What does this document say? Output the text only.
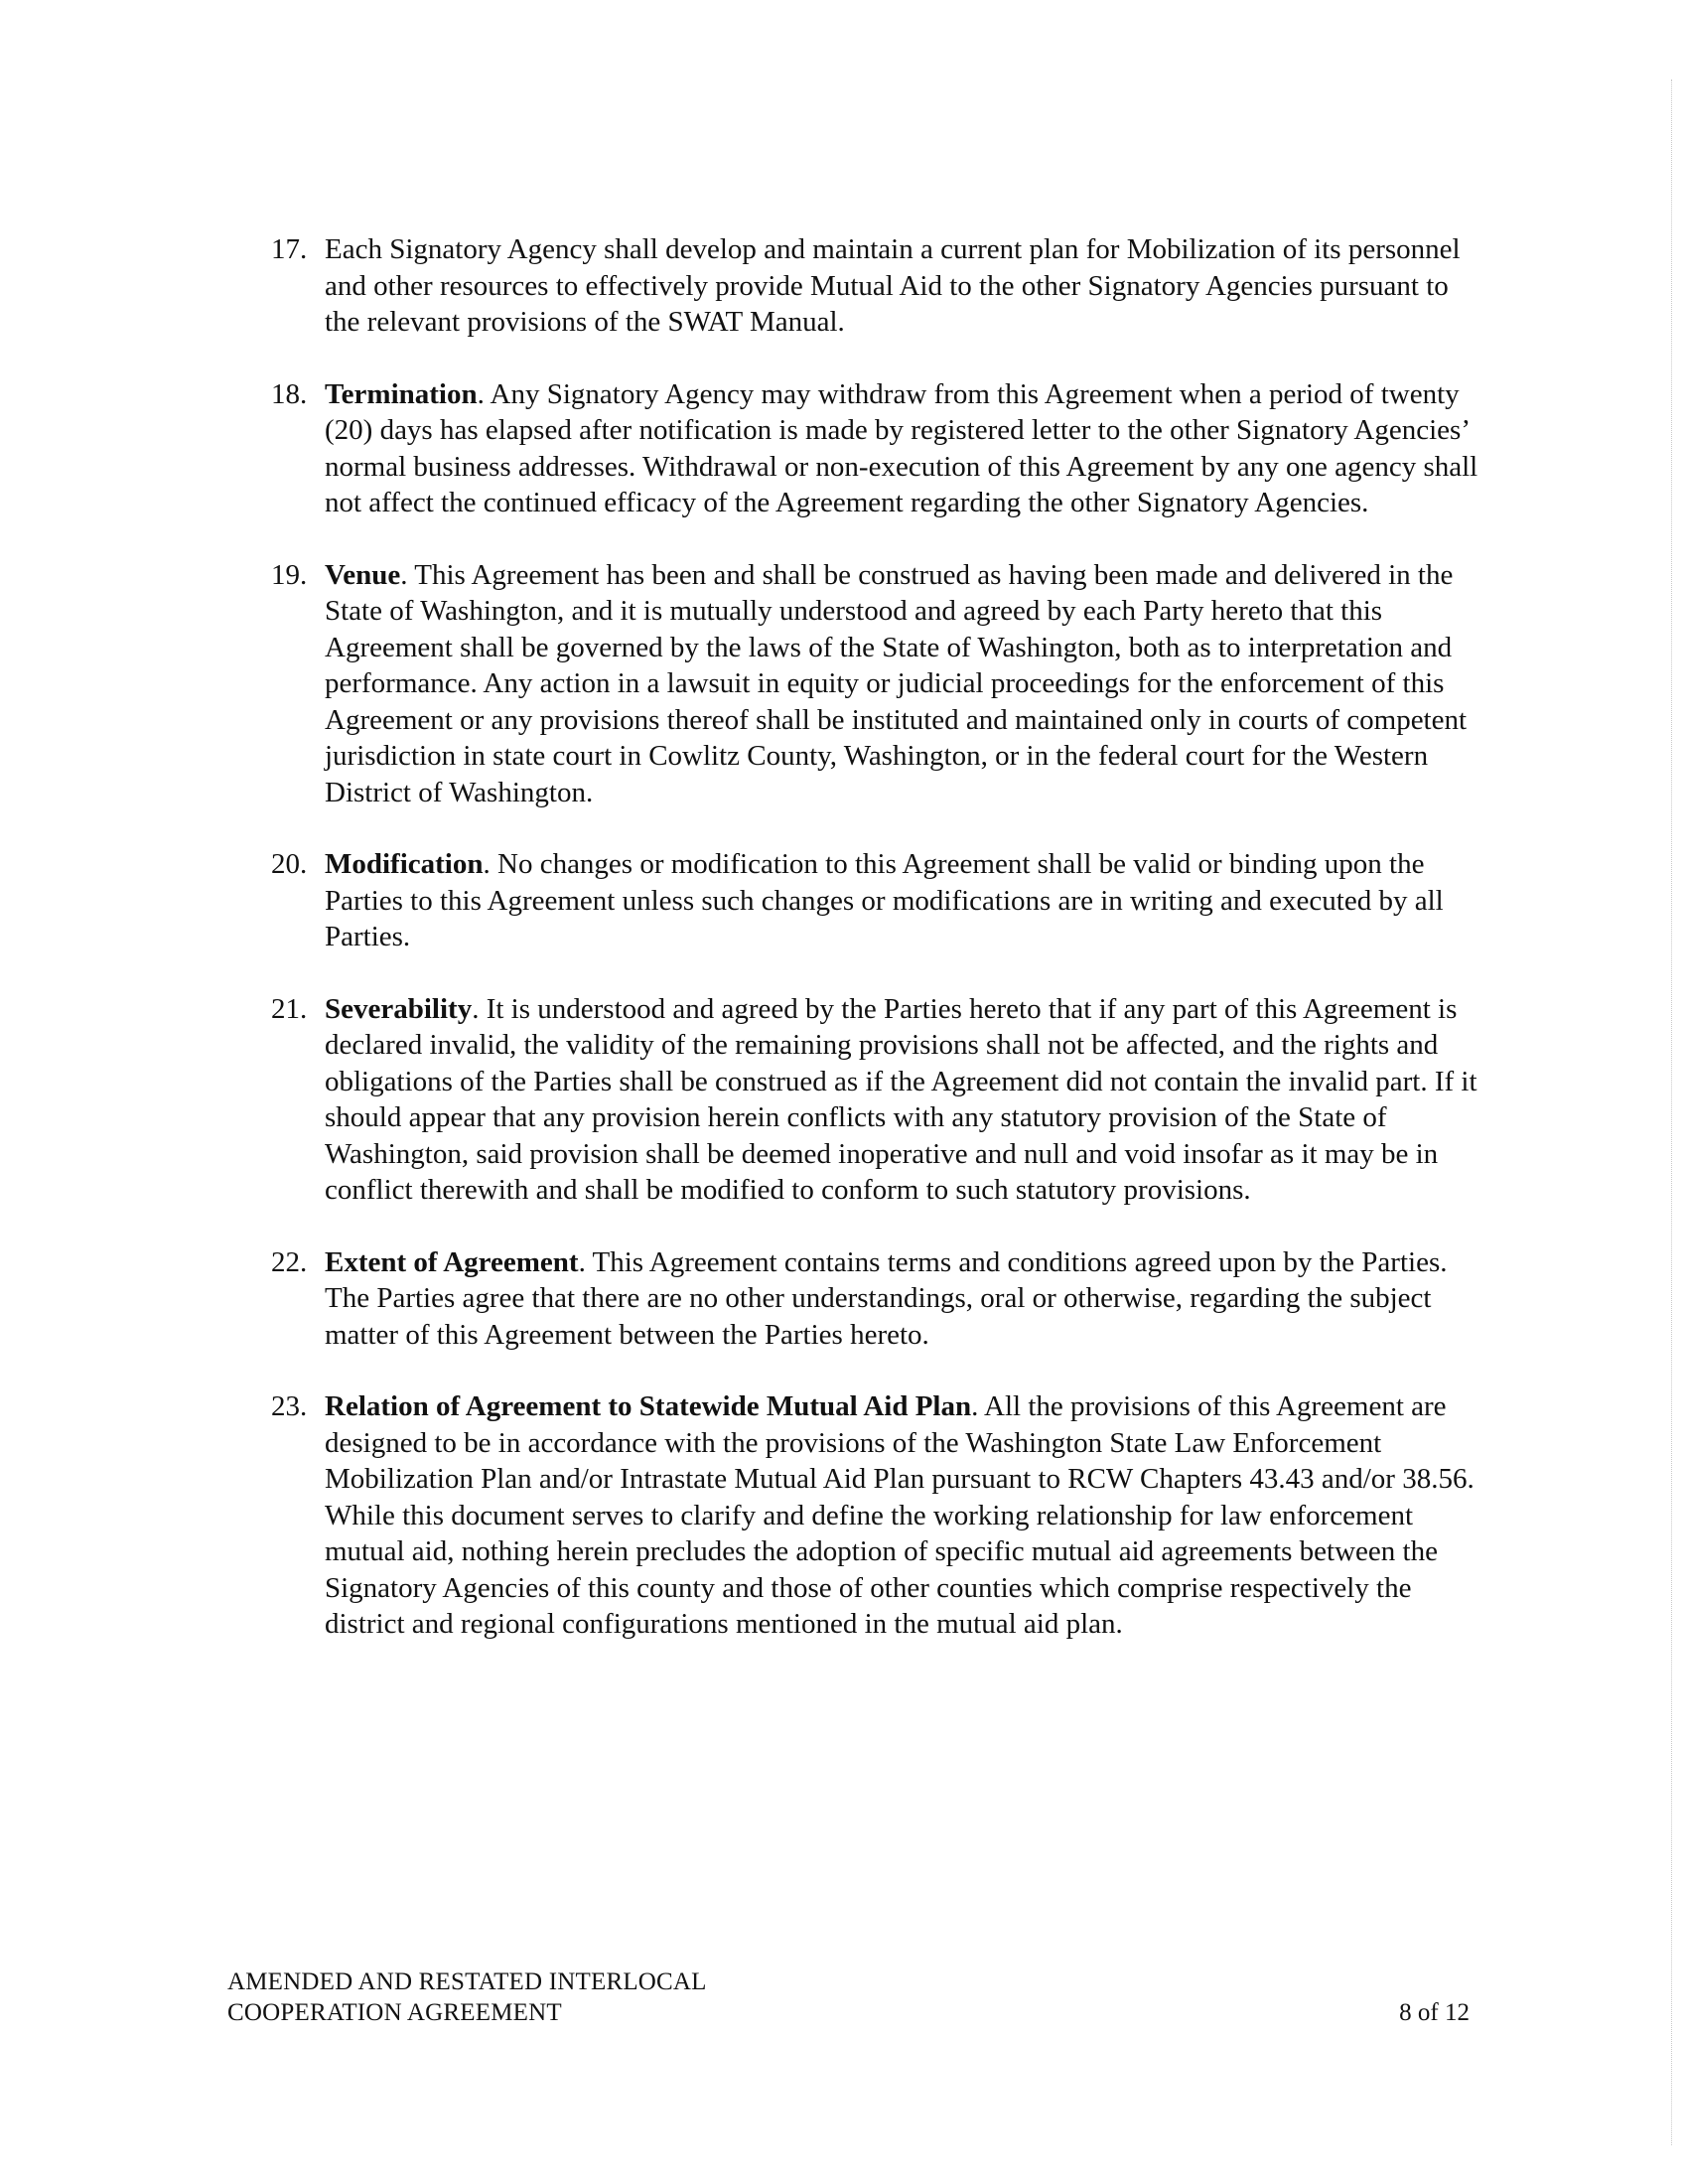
17. Each Signatory Agency shall develop and maintain a current plan for Mobilization of its personnel and other resources to effectively provide Mutual Aid to the other Signatory Agencies pursuant to the relevant provisions of the SWAT Manual.
18. Termination. Any Signatory Agency may withdraw from this Agreement when a period of twenty (20) days has elapsed after notification is made by registered letter to the other Signatory Agencies’ normal business addresses. Withdrawal or non-execution of this Agreement by any one agency shall not affect the continued efficacy of the Agreement regarding the other Signatory Agencies.
19. Venue. This Agreement has been and shall be construed as having been made and delivered in the State of Washington, and it is mutually understood and agreed by each Party hereto that this Agreement shall be governed by the laws of the State of Washington, both as to interpretation and performance. Any action in a lawsuit in equity or judicial proceedings for the enforcement of this Agreement or any provisions thereof shall be instituted and maintained only in courts of competent jurisdiction in state court in Cowlitz County, Washington, or in the federal court for the Western District of Washington.
20. Modification. No changes or modification to this Agreement shall be valid or binding upon the Parties to this Agreement unless such changes or modifications are in writing and executed by all Parties.
21. Severability. It is understood and agreed by the Parties hereto that if any part of this Agreement is declared invalid, the validity of the remaining provisions shall not be affected, and the rights and obligations of the Parties shall be construed as if the Agreement did not contain the invalid part. If it should appear that any provision herein conflicts with any statutory provision of the State of Washington, said provision shall be deemed inoperative and null and void insofar as it may be in conflict therewith and shall be modified to conform to such statutory provisions.
22. Extent of Agreement. This Agreement contains terms and conditions agreed upon by the Parties. The Parties agree that there are no other understandings, oral or otherwise, regarding the subject matter of this Agreement between the Parties hereto.
23. Relation of Agreement to Statewide Mutual Aid Plan. All the provisions of this Agreement are designed to be in accordance with the provisions of the Washington State Law Enforcement Mobilization Plan and/or Intrastate Mutual Aid Plan pursuant to RCW Chapters 43.43 and/or 38.56. While this document serves to clarify and define the working relationship for law enforcement mutual aid, nothing herein precludes the adoption of specific mutual aid agreements between the Signatory Agencies of this county and those of other counties which comprise respectively the district and regional configurations mentioned in the mutual aid plan.
AMENDED AND RESTATED INTERLOCAL
COOPERATION AGREEMENT	8 of 12
